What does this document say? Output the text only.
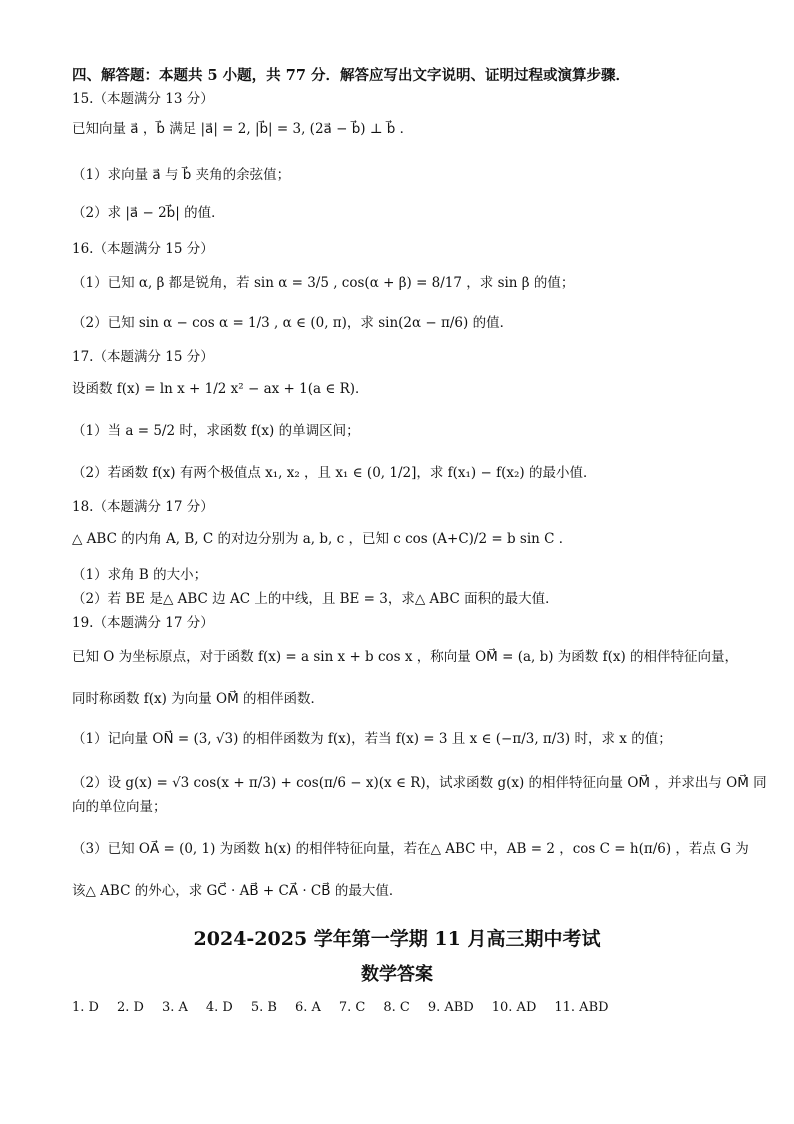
四、解答题：本题共 5 小题，共 77 分．解答应写出文字说明、证明过程或演算步骤．
15.（本题满分 13 分）
已知向量 a⃗ ，b⃗ 满足 |a⃗| = 2, |b⃗| = 3, (2a⃗ − b⃗) ⊥ b⃗ ．
（1）求向量 a⃗ 与 b⃗ 夹角的余弦值；
（2）求 |a⃗ − 2b⃗| 的值．
16.（本题满分 15 分）
（1）已知 α, β 都是锐角，若 sin α = 3/5 , cos(α + β) = 8/17 ，求 sin β 的值；
（2）已知 sin α − cos α = 1/3 , α ∈ (0, π)，求 sin(2α − π/6) 的值．
17.（本题满分 15 分）
设函数 f(x) = ln x + 1/2 x² − ax + 1(a ∈ R)．
（1）当 a = 5/2 时，求函数 f(x) 的单调区间；
（2）若函数 f(x) 有两个极值点 x₁, x₂ ，且 x₁ ∈ (0, 1/2]，求 f(x₁) − f(x₂) 的最小值．
18.（本题满分 17 分）
△ ABC 的内角 A, B, C 的对边分别为 a, b, c ，已知 c cos (A+C)/2 = b sin C ．
（1）求角 B 的大小；
（2）若 BE 是△ ABC 边 AC 上的中线，且 BE = 3，求△ ABC 面积的最大值．
19.（本题满分 17 分）
已知 O 为坐标原点，对于函数 f(x) = a sin x + b cos x ，称向量 OM⃗ = (a, b) 为函数 f(x) 的相伴特征向量，
同时称函数 f(x) 为向量 OM⃗ 的相伴函数．
（1）记向量 ON⃗ = (3, √3) 的相伴函数为 f(x)，若当 f(x) = 3 且 x ∈ (−π/3, π/3) 时，求 x 的值；
（2）设 g(x) = √3 cos(x + π/3) + cos(π/6 − x)(x ∈ R)，试求函数 g(x) 的相伴特征向量 OM⃗ ，并求出与 OM⃗ 同
向的单位向量；
（3）已知 OA⃗ = (0, 1) 为函数 h(x) 的相伴特征向量，若在△ ABC 中，AB = 2 ，cos C = h(π/6) ，若点 G 为
该△ ABC 的外心，求 GC⃗ · AB⃗ + CA⃗ · CB⃗ 的最大值．
2024-2025 学年第一学期 11 月高三期中考试
数学答案
1. D 2. D 3. A 4. D 5. B 6. A 7. C 8. C 9. ABD 10. AD 11. ABD
